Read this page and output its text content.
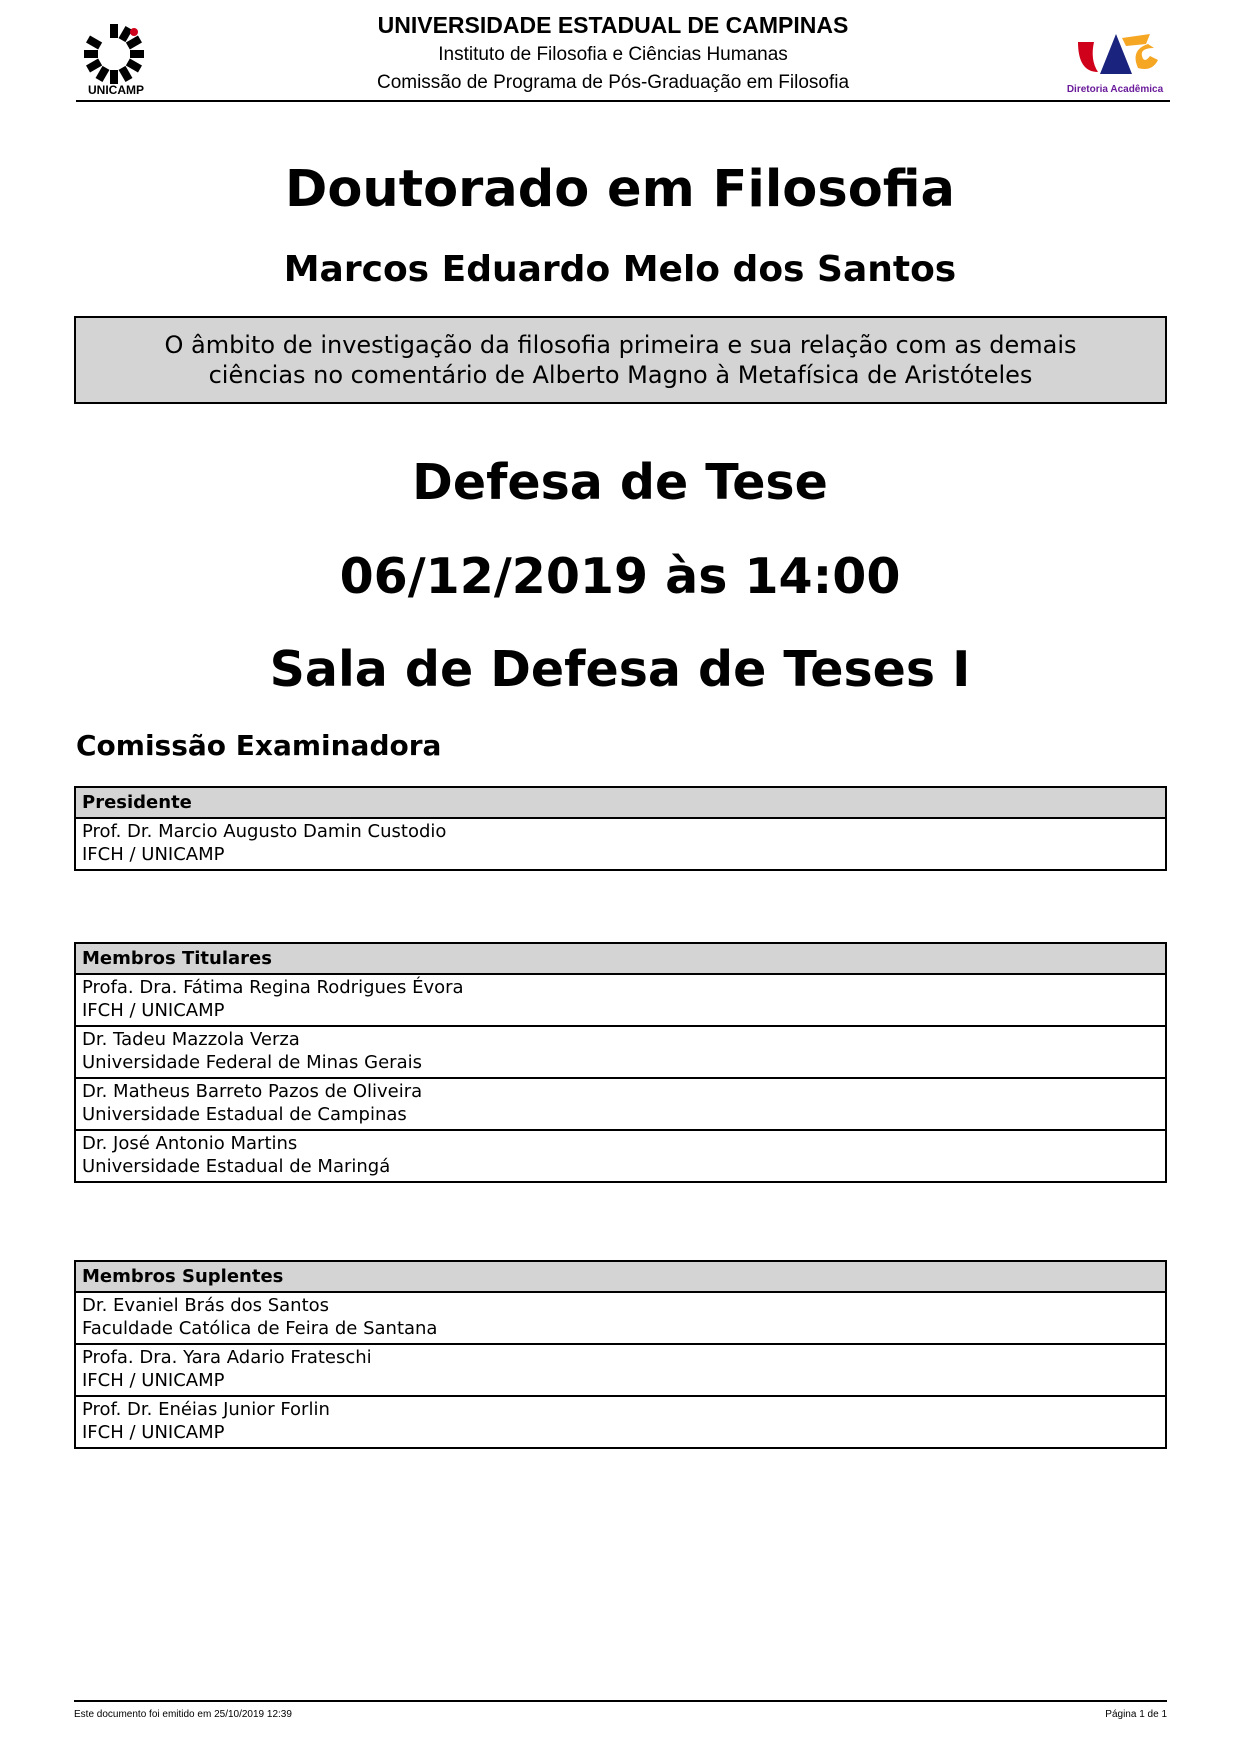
UNICAMP
UNIVERSIDADE ESTADUAL DE CAMPINAS
Instituto de Filosofia e Ciências Humanas
Comissão de Programa de Pós-Graduação em Filosofia	Diretoria Acadêmica
Doutorado em Filosofia
Marcos Eduardo Melo dos Santos
O âmbito de investigação da filosofia primeira e sua relação com as demais ciências no comentário de Alberto Magno à Metafísica de Aristóteles
Defesa de Tese
06/12/2019 às 14:00
Sala de Defesa de Teses I
Comissão Examinadora
Presidente
Prof. Dr. Marcio Augusto Damin Custodio
IFCH / UNICAMP
Membros Titulares
Profa. Dra. Fátima Regina Rodrigues Évora
IFCH / UNICAMP
Dr. Tadeu Mazzola Verza
Universidade Federal de Minas Gerais
Dr. Matheus Barreto Pazos de Oliveira
Universidade Estadual de Campinas
Dr. José Antonio Martins
Universidade Estadual de Maringá
Membros Suplentes
Dr. Evaniel Brás dos Santos
Faculdade Católica de Feira de Santana
Profa. Dra. Yara Adario Frateschi
IFCH / UNICAMP
Prof. Dr. Enéias Junior Forlin
IFCH / UNICAMP
Este documento foi emitido em 25/10/2019 12:39	Página 1 de 1
